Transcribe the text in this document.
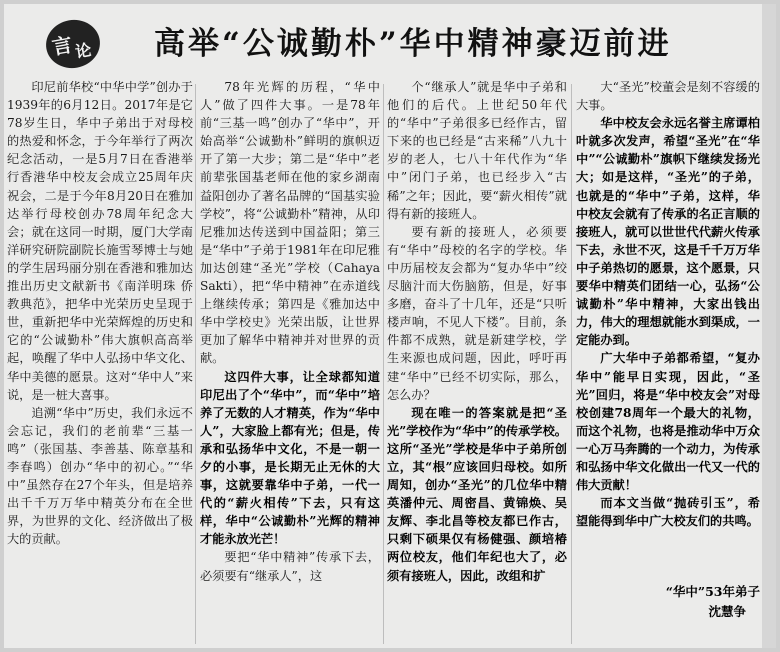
言 论 高举“公诚勤朴”华中精神豪迈前进

印尼前华校“中华中学”创办于1939年的6月12日。2017年是它78岁生日，华中子弟出于对母校的热爱和怀念，于今年举行了两次纪念活动，一是5月7日在香港举行香港华中校友会成立25周年庆祝会，二是于今年8月20日在雅加达举行母校创办78周年纪念大会；就在这同一时期，厦门大学南洋研究研院副院长施雪琴博士与她的学生居玛丽分别在香港和雅加达推出历史文献新书《南洋明珠 侨教典范》，把华中光荣历史呈现于世，重新把华中光荣辉煌的历史和它的“公诚勤朴”伟大旗帜高高举起，唤醒了华中人弘扬中华文化、华中美德的愿景。这对“华中人”来说，是一桩大喜事。

追溯“华中”历史，我们永远不会忘记，我们的老前辈“三基一鸣”（张国基、李善基、陈章基和李春鸣）创办“华中的初心。”“华中”虽然存在27个年头，但是培养出千千万万华中精英分布在全世界，为世界的文化、经济做出了极大的贡献。

78年光辉的历程，“华中人”做了四件大事。一是78年前“三基一鸣”创办了“华中”，开始高举“公诚勤朴”鲜明的旗帜迈开了第一大步；第二是“华中”老前辈张国基老师在他的家乡湖南益阳创办了著名品牌的“国基实验学校”，将“公诚勤朴”精神，从印尼雅加达传送到中国益阳；第三是“华中”子弟于1981年在印尼雅加达创建“圣光”学校（Cahaya Sakti），把“华中精神”在赤道线上继续传承；第四是《雅加达中华中学校史》光荣出版，让世界更加了解华中精神并对世界的贡献。

这四件大事，让全球都知道印尼出了个“华中”，而“华中”培养了无数的人才精英，作为“华中人”，大家脸上都有光；但是，传承和弘扬华中文化，不是一朝一夕的小事，是长期无止无休的大事，这就要靠华中子弟，一代一代的“薪火相传”下去，只有这样，华中“公诚勤朴”光辉的精神才能永放光芒！

要把“华中精神”传承下去，必须要有“继承人”，这

个“继承人”就是华中子弟和他们的后代。上世纪50年代的“华中”子弟很多已经作古，留下来的也已经是“古来稀”八九十岁的老人，七八十年代作为“华中”闭门子弟，也已经步入“古稀”之年；因此，要“薪火相传”就得有新的接班人。

要有新的接班人，必须要有“华中”母校的名字的学校。华中历届校友会都为“复办华中”绞尽脑汁而大伤脑筋，但是，好事多磨，奋斗了十几年，还是“只听楼声响，不见人下楼”。目前，条件都不成熟，就是新建学校，学生来源也成问题，因此，呼吁再建“华中”已经不切实际，那么，怎么办？

现在唯一的答案就是把“圣光”学校作为“华中”的传承学校。这所“圣光”学校是华中子弟所创立，其“根”应该回归母校。如所周知，创办“圣光”的几位华中精英潘仲元、周密昌、黄锦焕、吴友辉、李北昌等校友都已作古，只剩下硕果仅有杨健强、颜培椿两位校友，他们年纪也大了，必须有接班人，因此，改组和扩

大“圣光”校董会是刻不容缓的大事。

华中校友会永远名誉主席谭柏叶就多次发声，希望“圣光”在“华中”“公诚勤朴”旗帜下继续发扬光大；如是这样，“圣光”的子弟，也就是的“华中”子弟，这样，华中校友会就有了传承的名正言顺的接班人，就可以世世代代薪火传承下去，永世不灭，这是千千万万华中子弟热切的愿景，这个愿景，只要华中精英们团结一心，弘扬“公诚勤朴”华中精神，大家出钱出力，伟大的理想就能水到渠成，一定能办到。

广大华中子弟都希望，“复办华中”能早日实现，因此，“圣光”回归，将是“华中校友会”对母校创建78周年一个最大的礼物，而这个礼物，也将是推动华中万众一心万马奔腾的一个动力，为传承和弘扬中华文化做出一代又一代的伟大贡献！

而本文当做“抛砖引玉”，希望能得到华中广大校友们的共鸣。

“华中”53年弟子
沈慧争
